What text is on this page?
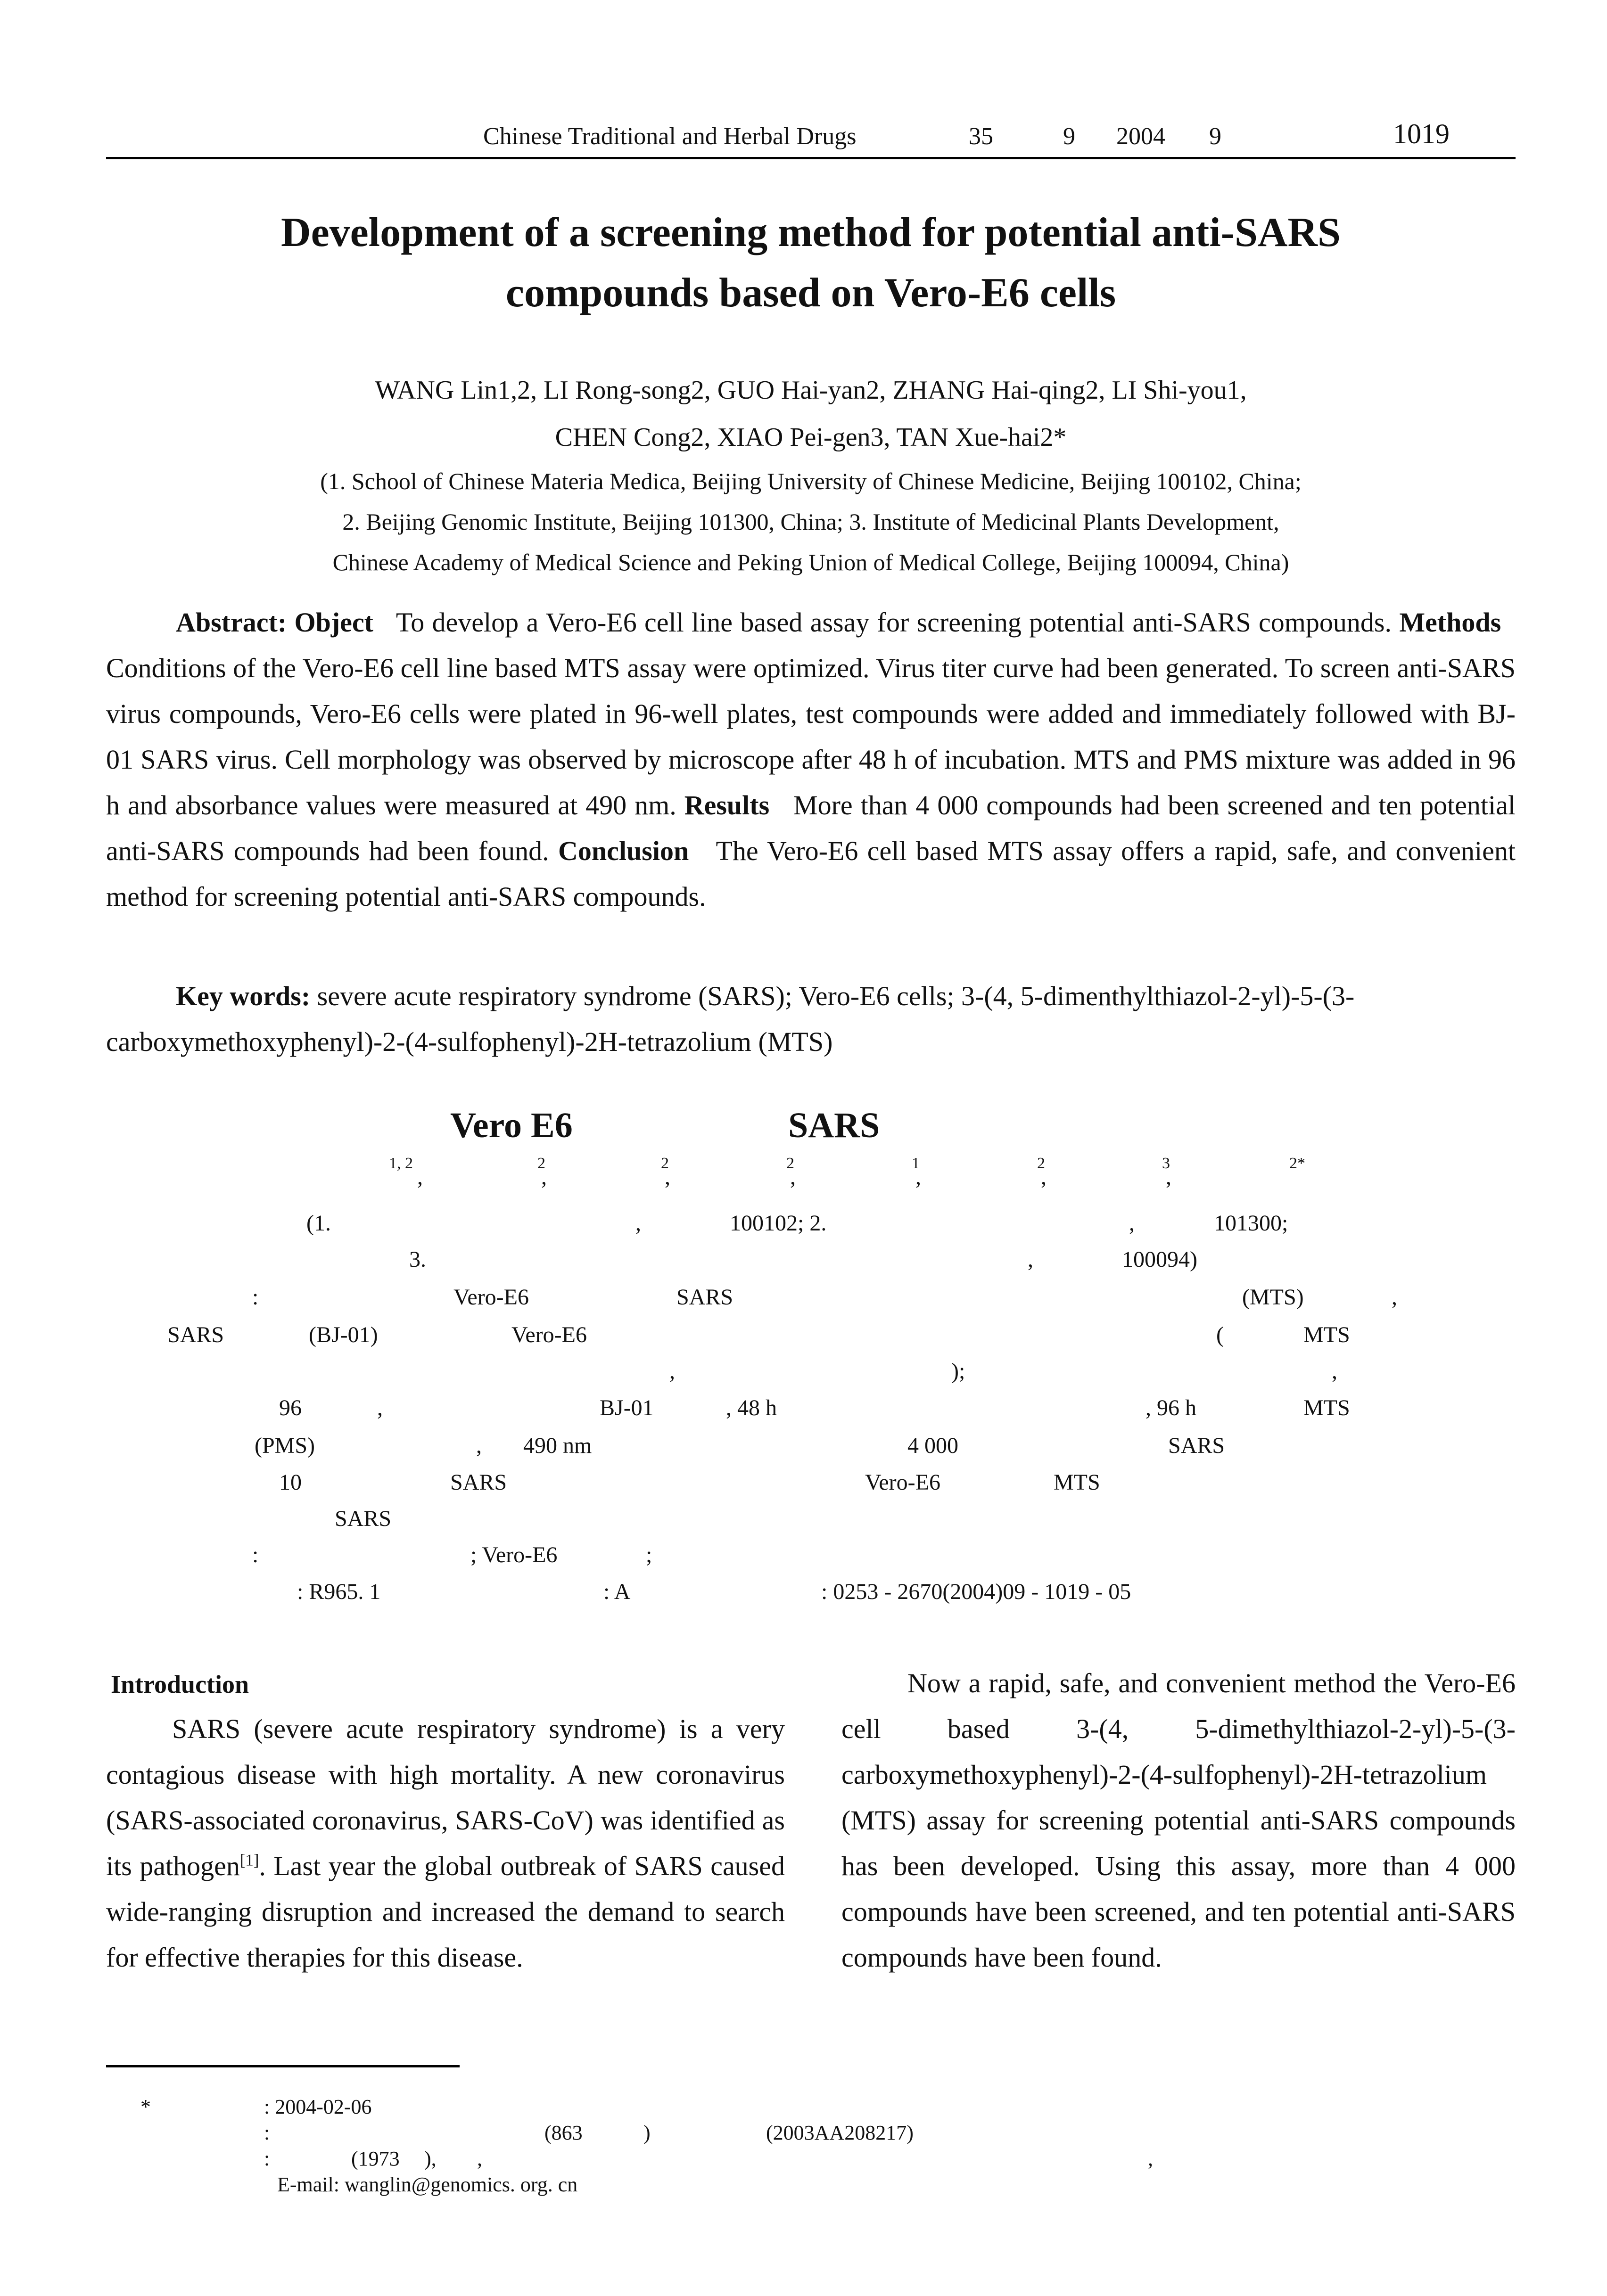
Chinese Traditional and Herbal Drugs	35	9 2004 9	1019
Development of a screening method for potential anti-SARS
compounds based on Vero-E6 cells
WANG Lin1,2, LI Rong-song2, GUO Hai-yan2, ZHANG Hai-qing2, LI Shi-you1,
CHEN Cong2, XIAO Pei-gen3, TAN Xue-hai2*
(1. School of Chinese Materia Medica, Beijing University of Chinese Medicine, Beijing 100102, China;
2. Beijing Genomic Institute, Beijing 101300, China; 3. Institute of Medicinal Plants Development,
Chinese Academy of Medical Science and Peking Union of Medical College, Beijing 100094, China)
Abstract: Object To develop a Vero-E6 cell line based assay for screening potential anti-SARS compounds. Methods   Conditions of the Vero-E6 cell line based MTS assay were optimized. Virus titer curve had been generated. To screen anti-SARS virus compounds, Vero-E6 cells were plated in 96-well plates, test compounds were added and immediately followed with BJ-01 SARS virus. Cell morphology was observed by microscope after 48 h of incubation. MTS and PMS mixture was added in 96 h and absorbance values were measured at 490 nm. Results More than 4 000 compounds had been screened and ten potential anti-SARS compounds had been found. Conclusion The Vero-E6 cell based MTS assay offers a rapid, safe, and convenient method for screening potential anti-SARS compounds.
Key words: severe acute respiratory syndrome (SARS); Vero-E6 cells; 3-(4, 5-dimenthylthiazol-2-yl)-5-(3-carboxymethoxyphenyl)-2-(4-sulfophenyl)-2H-tetrazolium (MTS)
Vero E6	SARS
1, 2
,
2
,
2
,
2
,
1
,
2
,
3
,
2*
(1.	,	100102; 2.	,	101300;
3.	,	100094)
:	Vero-E6	SARS	(MTS)	,
SARS	(BJ-01)	Vero-E6	(	MTS
,	);	,
96	,	BJ-01	, 48 h	, 96 h	MTS
(PMS)	, 490 nm	4 000	SARS
10	SARS	Vero-E6	MTS
SARS
:	; Vero-E6	;
: R965. 1	: A	: 0253 - 2670(2004)09 - 1019 - 05
Introduction
SARS (severe acute respiratory syndrome) is a very contagious disease with high mortality. A new coronavirus (SARS-associated coronavirus, SARS-CoV) was identified as its pathogen[1]. Last year the global outbreak of SARS caused wide-ranging disruption and increased the demand to search for effective therapies for this disease.
Now a rapid, safe, and convenient method the Vero-E6 cell based 3-(4, 5-dimethylthiazol-2-yl)-5-(3-carboxymethoxyphenyl)-2-(4-sulfophenyl)-2H-tetrazolium (MTS) assay for screening potential anti-SARS compounds has been developed. Using this assay, more than 4 000 compounds have been screened, and ten potential anti-SARS compounds have been found.
*	: 2004-02-06
:	(863	)	(2003AA208217)
:	(1973 ), ,	,
E-mail: wanglin@genomics. org. cn
